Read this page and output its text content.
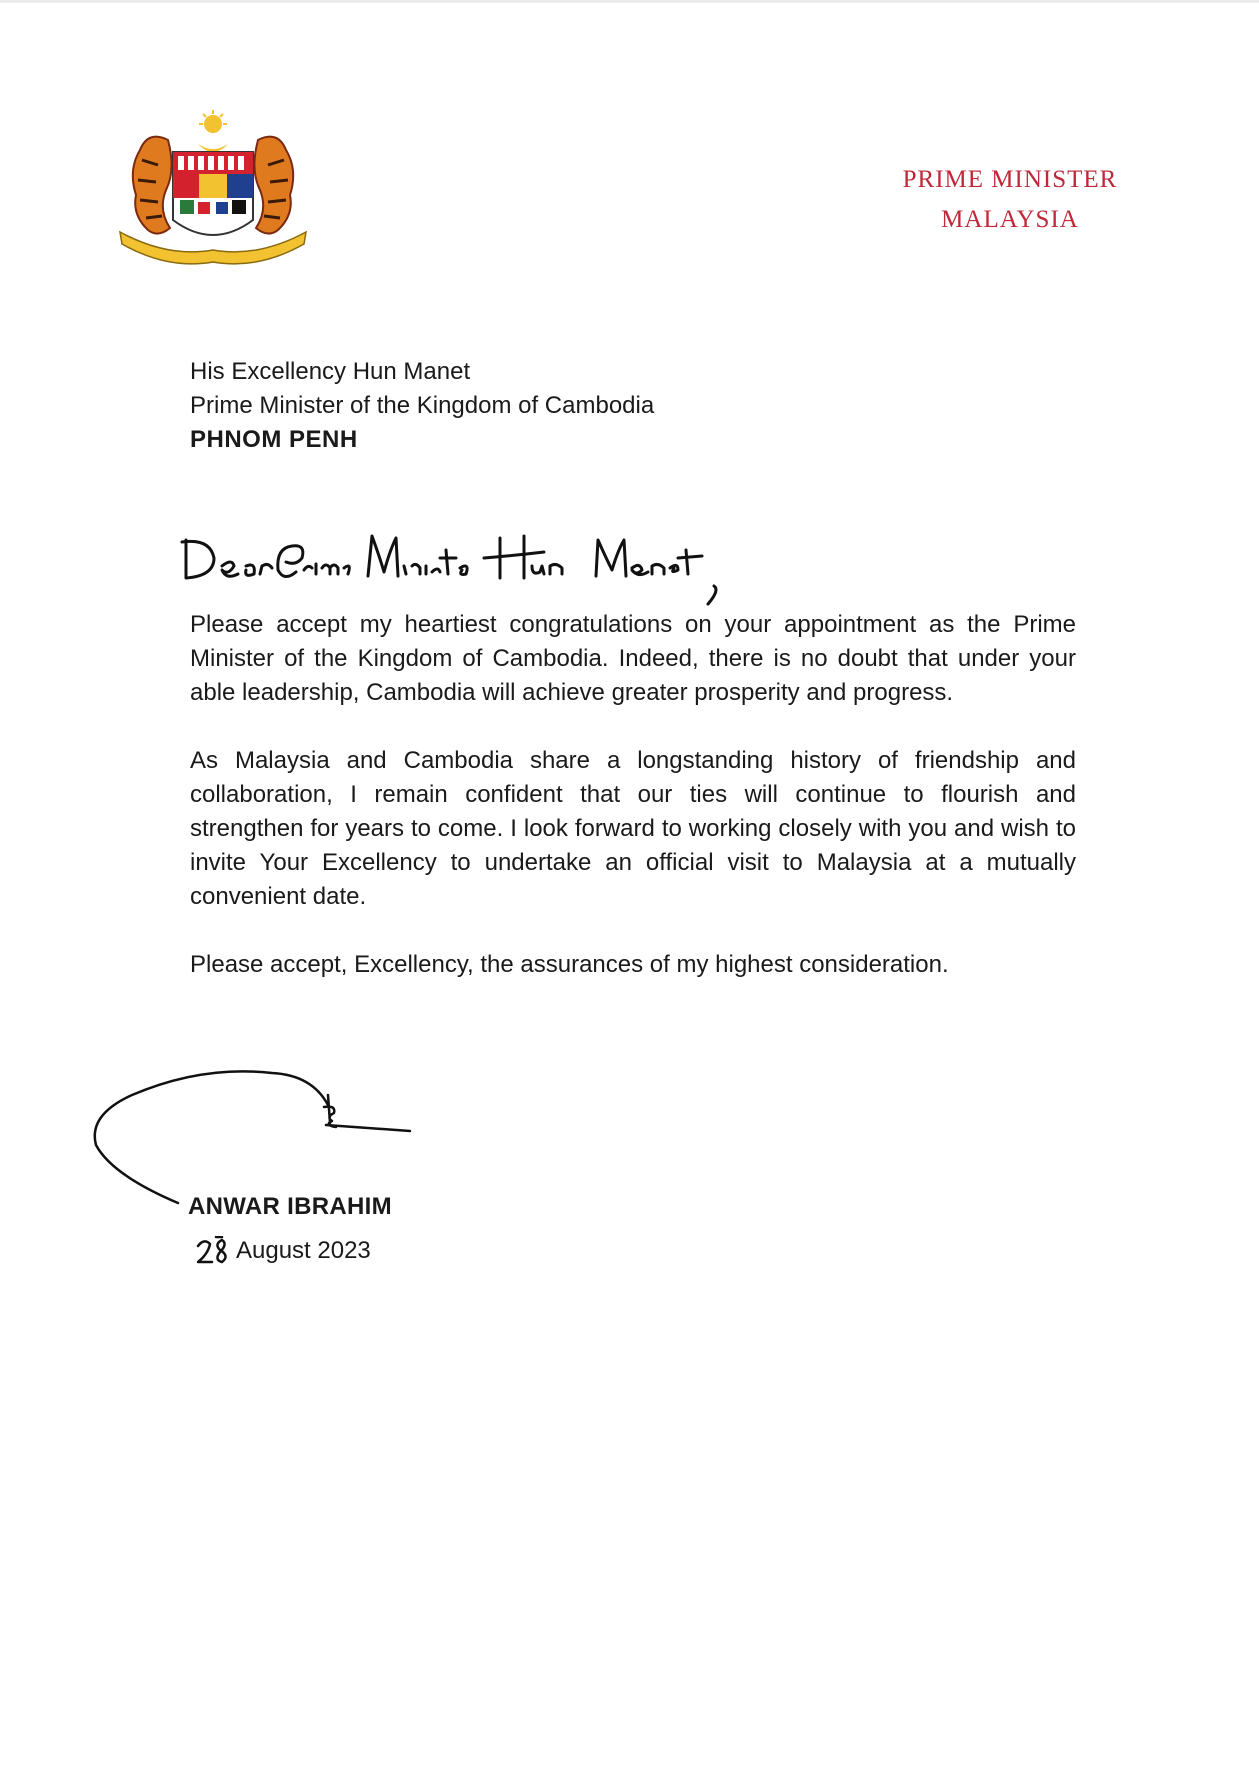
PRIME MINISTER
MALAYSIA
His Excellency Hun Manet
Prime Minister of the Kingdom of Cambodia
PHNOM PENH

Please accept my heartiest congratulations on your appointment as the Prime Minister of the Kingdom of Cambodia. Indeed, there is no doubt that under your able leadership, Cambodia will achieve greater prosperity and progress.

As Malaysia and Cambodia share a longstanding history of friendship and collaboration, I remain confident that our ties will continue to flourish and strengthen for years to come. I look forward to working closely with you and wish to invite Your Excellency to undertake an official visit to Malaysia at a mutually convenient date.

Please accept, Excellency, the assurances of my highest consideration.

ANWAR IBRAHIM
August 2023
